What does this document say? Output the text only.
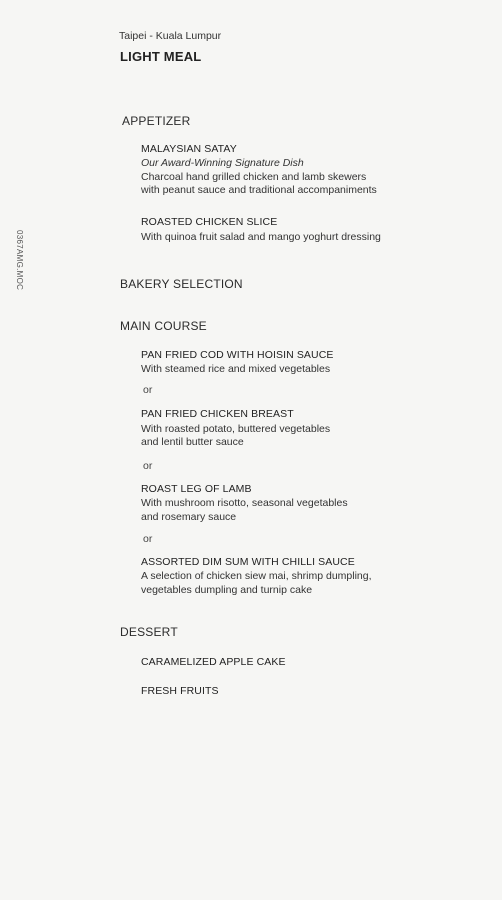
0367AMG.MOC
Taipei - Kuala Lumpur
LIGHT MEAL
APPETIZER
MALAYSIAN SATAY
Our Award-Winning Signature Dish
Charcoal hand grilled chicken and lamb skewers
with peanut sauce and traditional accompaniments
ROASTED CHICKEN SLICE
With quinoa fruit salad and mango yoghurt dressing
BAKERY SELECTION
MAIN COURSE
PAN FRIED COD WITH HOISIN SAUCE
With steamed rice and mixed vegetables
or
PAN FRIED CHICKEN BREAST
With roasted potato, buttered vegetables
and lentil butter sauce
or
ROAST LEG OF LAMB
With mushroom risotto, seasonal vegetables
and rosemary sauce
or
ASSORTED DIM SUM WITH CHILLI SAUCE
A selection of chicken siew mai, shrimp dumpling,
vegetables dumpling and turnip cake
DESSERT
CARAMELIZED APPLE CAKE
FRESH FRUITS
